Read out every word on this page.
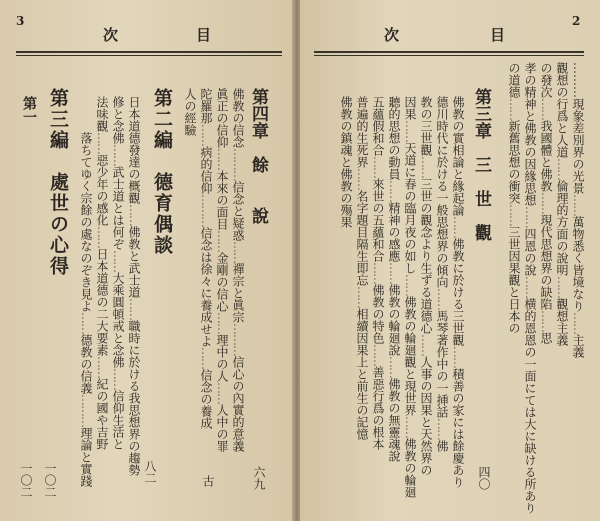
3
次	目
第四章　餘　　說
六九
佛教の信念………信念と疑惑……禪宗と眞宗………信心の內實的意義
眞正の信仰……本來の面目……金剛の信心……理中の人……人中の罪
陀羅那……病的信仰………信念は徐々に養成せよ……信念の養成
古
人の經驗
第二編　德育偶談
八二
日本道德發達の概觀……佛教と武士道……職時に於ける我思想界の趨勢
修と念佛……武士道とは何ぞ……大乘圓頓戒と念佛……信仰生活と
法味觀……惡少年の感化……日本道德の二大要素……紀の國や吉野
　　　落ちてゆく宗餘の處なのぞき見よ……德教の信義………理論と實踐
第三編　處世の心得
一〇二
第一
一〇二
次	目
2
………現象差別界の光景……萬物悉く皆境なり……主義
觀想の行爲と人道……倫理的方面の說明……觀想主義
の發次……我國體と佛教……現代思想界の缺陷……思
孝の精神と佛教の因緣思想……四恩の說……横的恩恩の一面にては大に缺ける所あり
の道德……新舊思想の衝突……三世因果觀と日本の
第三章　三　世　觀
四〇
佛教の實相論と緣起論……佛教に於ける三世觀……積善の家には餘慶あり
德川時代に於ける一般思想界の傾向……馬琴著作中の一挿話……佛
教の三世觀……三世の觀念より生ずる道德心……人事の因果と天然界の
因果……天道に春の臨月夜の如し……佛教の輪廻觀と現世界……佛教の輪廻
聽的思想の動員……精神の感應……佛教の輪廻說……佛教の無靈魂說
五蘊假和合……來世の五蘊和合……佛教の特色……善惡行爲の根本
普遍的生死界……名字題目隔生即忘……相續因果上と前生の記憶
佛教の鎮魂と佛教の殤果
